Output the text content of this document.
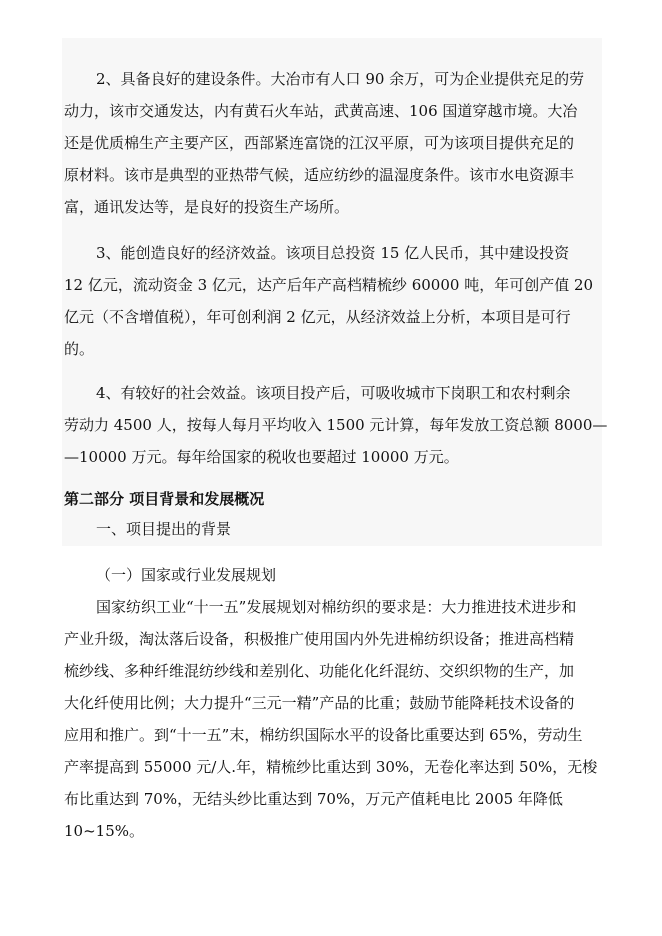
2、具备良好的建设条件。大冶市有人口 90 余万，可为企业提供充足的劳

动力，该市交通发达，内有黄石火车站，武黄高速、106 国道穿越市境。大冶

还是优质棉生产主要产区，西部紧连富饶的江汉平原，可为该项目提供充足的

原材料。该市是典型的亚热带气候，适应纺纱的温湿度条件。该市水电资源丰

富，通讯发达等，是良好的投资生产场所。

3、能创造良好的经济效益。该项目总投资 15 亿人民币，其中建设投资

12 亿元，流动资金 3 亿元，达产后年产高档精梳纱 60000 吨，年可创产值 20

亿元（不含增值税），年可创利润 2 亿元，从经济效益上分析，本项目是可行

的。

4、有较好的社会效益。该项目投产后，可吸收城市下岗职工和农村剩余

劳动力 4500 人，按每人每月平均收入 1500 元计算，每年发放工资总额 8000—

—10000 万元。每年给国家的税收也要超过 10000 万元。

第二部分 项目背景和发展概况

一、项目提出的背景

（一）国家或行业发展规划

国家纺织工业“十一五”发展规划对棉纺织的要求是：大力推进技术进步和

产业升级，淘汰落后设备，积极推广使用国内外先进棉纺织设备；推进高档精

梳纱线、多种纤维混纺纱线和差别化、功能化化纤混纺、交织织物的生产，加

大化纤使用比例；大力提升“三元一精”产品的比重；鼓励节能降耗技术设备的

应用和推广。到“十一五”末，棉纺织国际水平的设备比重要达到 65%，劳动生

产率提高到 55000 元/人.年，精梳纱比重达到 30%，无卷化率达到 50%，无梭

布比重达到 70%，无结头纱比重达到 70%，万元产值耗电比 2005 年降低

10~15%。
